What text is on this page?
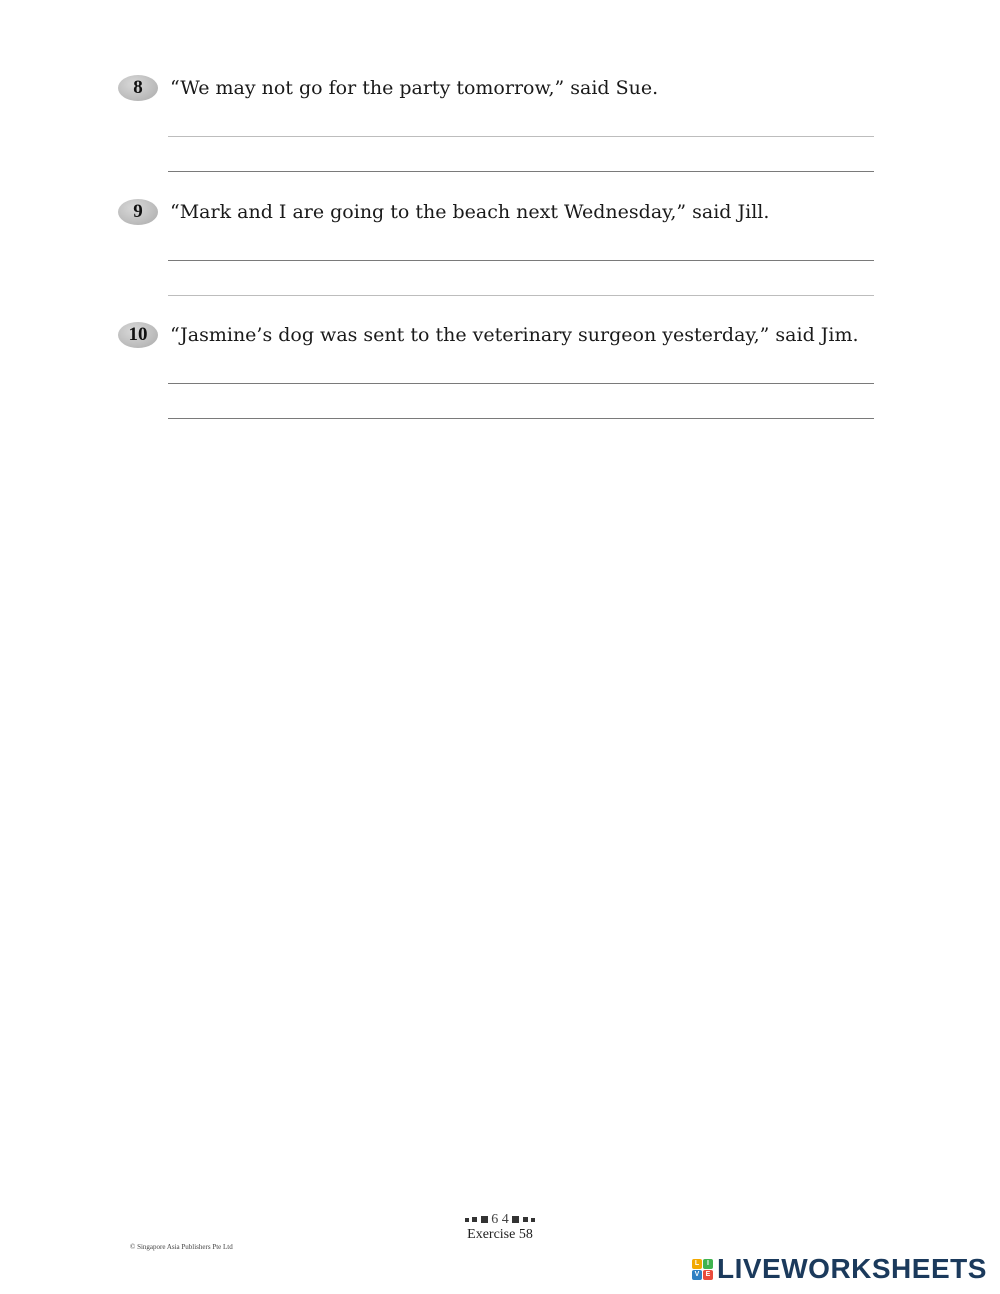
8	“We may not go for the party tomorrow,” said Sue.
9	“Mark and I are going to the beach next Wednesday,” said Jill.
10	“Jasmine’s dog was sent to the veterinary surgeon yesterday,” said Jim.
6 4
Exercise 58
© Singapore Asia Publishers Pte Ltd
L	I
V E LIVEWORKSHEETS
